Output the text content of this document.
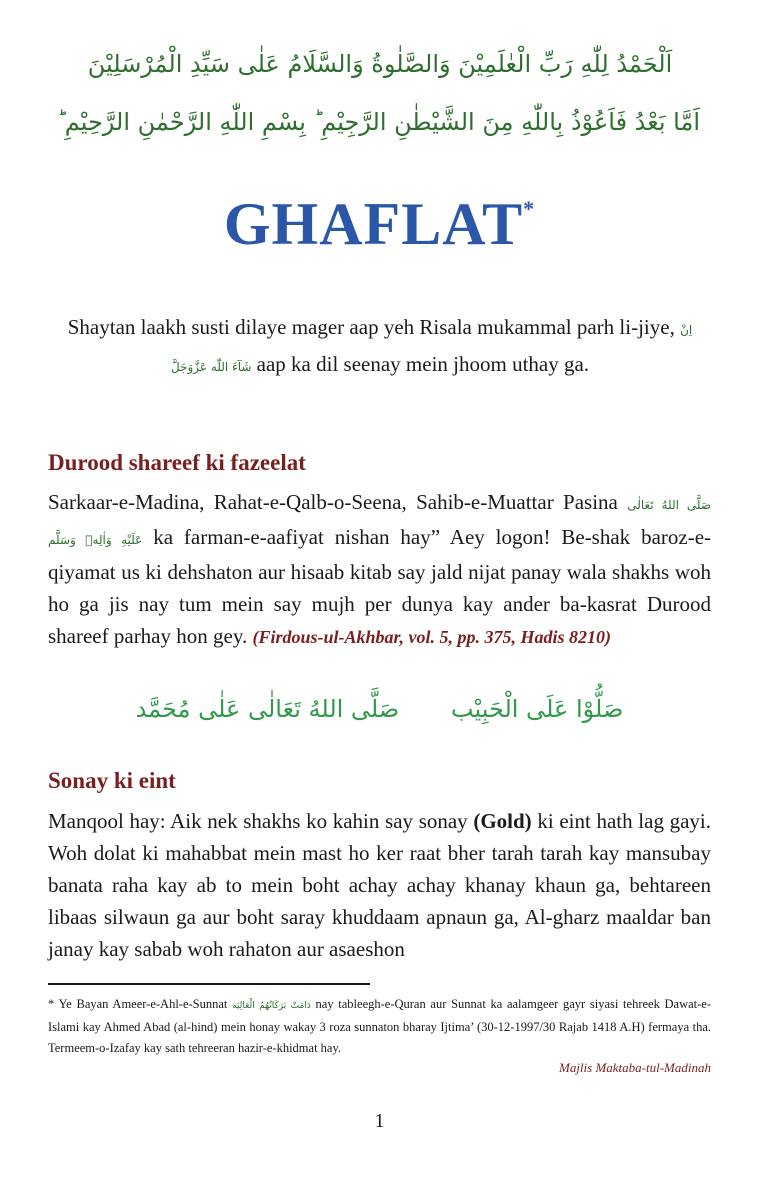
اَلْحَمْدُ لِلّٰهِ رَبِّ الْعٰلَمِيْنَ وَالصَّلٰوةُ وَالسَّلَامُ عَلٰى سَيِّدِ الْمُرْسَلِيْنَ
اَمَّا بَعْدُ فَاَعُوْذُ بِاللّٰهِ مِنَ الشَّيْطٰنِ الرَّجِيْمِ ؕ بِسْمِ اللّٰهِ الرَّحْمٰنِ الرَّحِيْمِ ؕ
GHAFLAT*
Shaytan laakh susti dilaye mager aap yeh Risala mukammal parh li-jiye, اِنْ شَآءَ اللّٰه عَزَّوَجَلَّ aap ka dil seenay mein jhoom uthay ga.
Durood shareef ki fazeelat

Sarkaar-e-Madina, Rahat-e-Qalb-o-Seena, Sahib-e-Muattar Pasina صَلَّى اللهُ تَعَالٰى عَلَيْهِ وَاٰلِهٖ وَسَلَّم ka farman-e-aafiyat nishan hay” Aey logon! Be-shak baroz-e-qiyamat us ki dehshaton aur hisaab kitab say jald nijat panay wala shakhs woh ho ga jis nay tum mein say mujh per dunya kay ander ba-kasrat Durood shareef parhay hon gey. (Firdous-ul-Akhbar, vol. 5, pp. 375, Hadis 8210)

صَلُّوْا عَلَى الْحَبِيْب صَلَّى اللهُ تَعَالٰى عَلٰى مُحَمَّد
Sonay ki eint

Manqool hay: Aik nek shakhs ko kahin say sonay (Gold) ki eint hath lag gayi. Woh dolat ki mahabbat mein mast ho ker raat bher tarah tarah kay mansubay banata raha kay ab to mein boht achay achay khanay khaun ga, behtareen libaas silwaun ga aur boht saray khuddaam apnaun ga, Al-gharz maaldar ban janay kay sabab woh rahaton aur asaeshon

* Ye Bayan Ameer-e-Ahl-e-Sunnat دَامَتْ بَرَكَاتُهُمُ الْعَالِيَه nay tableegh-e-Quran aur Sunnat ka aalamgeer gayr siyasi tehreek Dawat-e-Islami kay Ahmed Abad (al-hind) mein honay wakay 3 roza sunnaton bharay Ijtima’ (30-12-1997/30 Rajab 1418 A.H) fermaya tha. Termeem-o-Izafay kay sath tehreeran hazir-e-khidmat hay.

Majlis Maktaba-tul-Madinah
1
